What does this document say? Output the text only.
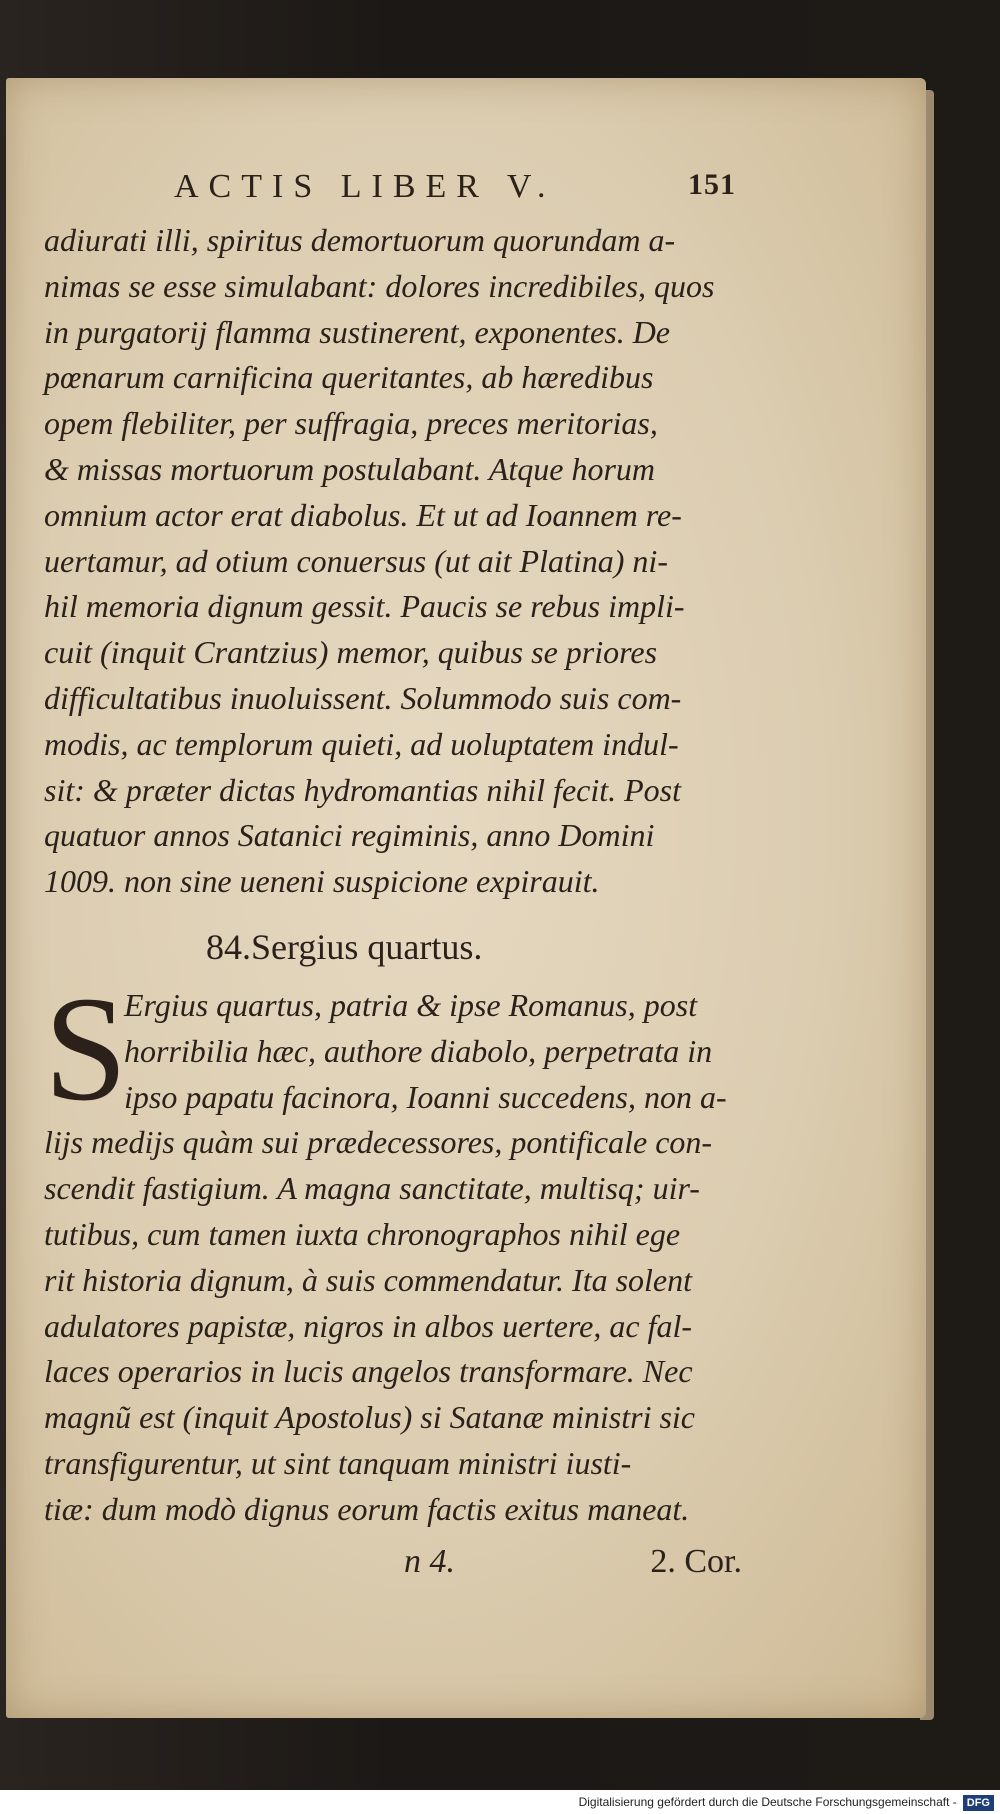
ACTIS LIBER V.	151

adiurati illi, spiritus demortuorum quorundam a-
nimas se esse simulabant: dolores incredibiles, quos
in purgatorij flamma sustinerent, exponentes. De
pœnarum carnificina queritantes, ab hæredibus
opem flebiliter, per suffragia, preces meritorias,
& missas mortuorum postulabant. Atque horum
omnium actor erat diabolus. Et ut ad Ioannem re-
uertamur, ad otium conuersus (ut ait Platina) ni-
hil memoria dignum gessit. Paucis se rebus impli-
cuit (inquit Crantzius) memor, quibus se priores
difficultatibus inuoluissent. Solummodo suis com-
modis, ac templorum quieti, ad uoluptatem indul-
sit: & præter dictas hydromantias nihil fecit. Post
quatuor annos Satanici regiminis, anno Domini
1009. non sine ueneni suspicione expirauit.

84.Sergius quartus.

S
Ergius quartus, patria & ipse Romanus, post
horribilia hæc, authore diabolo, perpetrata in
ipso papatu facinora, Ioanni succedens, non a-
lijs medijs quàm sui prædecessores, pontificale con-
scendit fastigium. A magna sanctitate, multisq; uir-
tutibus, cum tamen iuxta chronographos nihil ege
rit historia dignum, à suis commendatur. Ita solent
adulatores papistæ, nigros in albos uertere, ac fal-
laces operarios in lucis angelos transformare. Nec
magnũ est (inquit Apostolus) si Satanæ ministri sic
transfigurentur, ut sint tanquam ministri iusti-
tiæ: dum modò dignus eorum factis exitus maneat.

n 4.	2. Cor.
Digitalisierung gefördert durch die Deutsche Forschungsgemeinschaft - DFG
